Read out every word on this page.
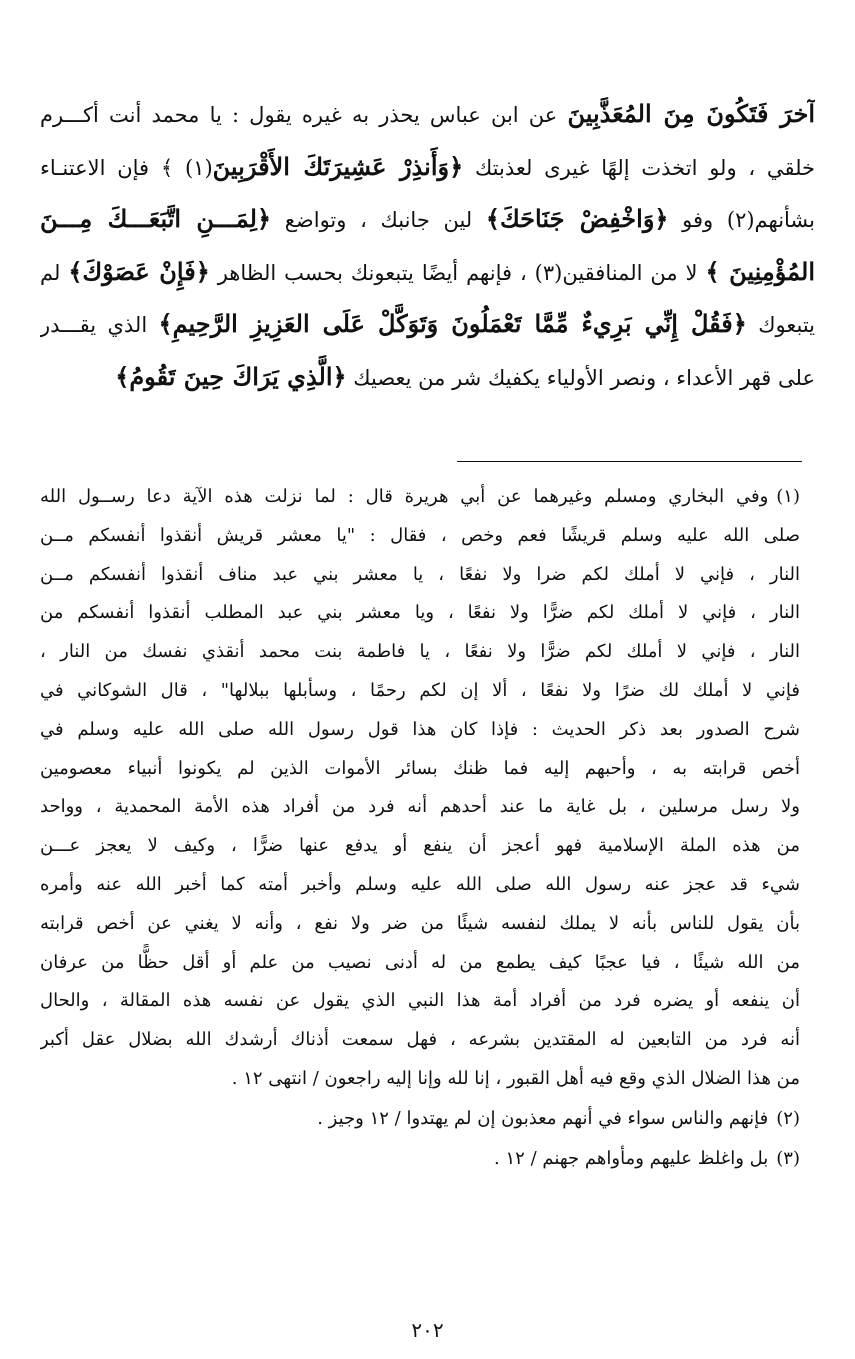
آخرَ فَتَكُونَ مِنَ المُعَذَّبِينَ عن ابن عباس يحذر به غيره يقول : يا محمد أنت أكـــرم
خلقي ، ولو اتخذت إلهًا غيرى لعذبتك ﴿وَأَنذِرْ عَشِيرَتَكَ الأَقْرَبِينَ(١) ﴾ فإن الاعتنـاء
بشأنهم(٢) وفو ﴿وَاخْفِضْ جَنَاحَكَ﴾ لين جانبك ، وتواضع ﴿لِمَـــنِ اتَّبَعَـــكَ مِـــنَ
المُؤْمِنِينَ ﴾ لا من المنافقين(٣) ، فإنهم أيضًا يتبعونك بحسب الظاهر ﴿فَإِنْ عَصَوْكَ﴾ لم
يتبعوك ﴿فَقُلْ إِنِّي بَرِيءٌ مِّمَّا تَعْمَلُونَ وَتَوَكَّلْ عَلَى العَزِيزِ الرَّحِيمِ﴾ الذي يقـــدر
على قهر الأعداء ، ونصر الأولياء يكفيك شر من يعصيك ﴿الَّذِي يَرَاكَ حِينَ تَقُومُ﴾
(١)وفي البخاري ومسلم وغيرهما عن أبي هريرة قال : لما نزلت هذه الآية دعا رســول الله
صلى الله عليه وسلم قريشًا فعم وخص ، فقال : "يا معشر قريش أنقذوا أنفسكم مــن
النار ، فإني لا أملك لكم ضرا ولا نفعًا ، يا معشر بني عبد مناف أنقذوا أنفسكم مــن
النار ، فإني لا أملك لكم ضرًّا ولا نفعًا ، ويا معشر بني عبد المطلب أنقذوا أنفسكم من
النار ، فإني لا أملك لكم ضرًّا ولا نفعًا ، يا فاطمة بنت محمد أنقذي نفسك من النار ،
فإني لا أملك لك ضرًا ولا نفعًا ، ألا إن لكم رحمًا ، وسأبلها ببلالها" ، قال الشوكاني في
شرح الصدور بعد ذكر الحديث : فإذا كان هذا قول رسول الله صلى الله عليه وسلم في
أخص قرابته به ، وأحبهم إليه فما ظنك بسائر الأموات الذين لم يكونوا أنبياء معصومين
ولا رسل مرسلين ، بل غاية ما عند أحدهم أنه فرد من أفراد هذه الأمة المحمدية ، وواحد
من هذه الملة الإسلامية فهو أعجز أن ينفع أو يدفع عنها ضرًّا ، وكيف لا يعجز عـــن
شيء قد عجز عنه رسول الله صلى الله عليه وسلم وأخبر أمته كما أخبر الله عنه وأمره
بأن يقول للناس بأنه لا يملك لنفسه شيئًا من ضر ولا نفع ، وأنه لا يغني عن أخص قرابته
من الله شيئًا ، فيا عجبًا كيف يطمع من له أدنى نصيب من علم أو أقل حظًّا من عرفان
أن ينفعه أو يضره فرد من أفراد أمة هذا النبي الذي يقول عن نفسه هذه المقالة ، والحال
أنه فرد من التابعين له المقتدين بشرعه ، فهل سمعت أذناك أرشدك الله بضلال عقل أكبر
من هذا الضلال الذي وقع فيه أهل القبور ، إنا لله وإنا إليه راجعون / انتهى ١٢ .
(٢)فإنهم والناس سواء في أنهم معذبون إن لم يهتدوا / ١٢ وجيز .
(٣)بل واغلظ عليهم ومأواهم جهنم / ١٢ .
٢٠٢
